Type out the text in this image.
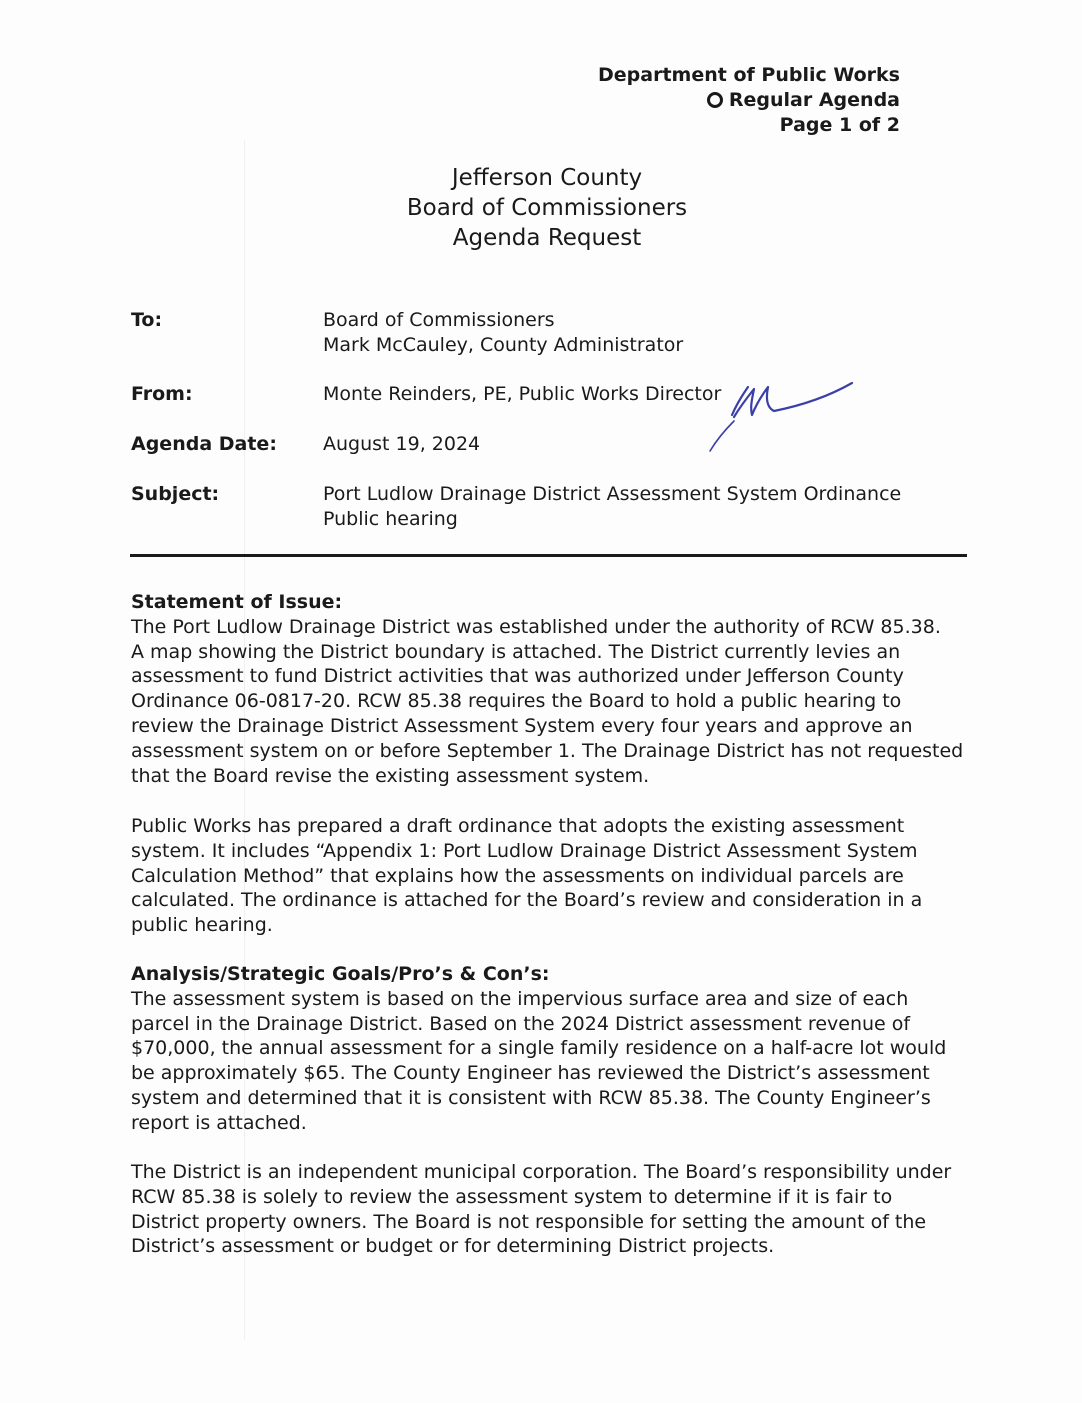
Department of Public Works
Regular Agenda
Page 1 of 2
Jefferson County
Board of Commissioners
Agenda Request
To:	Board of Commissioners
Mark McCauley, County Administrator
From:	Monte Reinders, PE, Public Works Director
Agenda Date: August 19, 2024
Subject:	Port Ludlow Drainage District Assessment System Ordinance
Public hearing
Statement of Issue:
The Port Ludlow Drainage District was established under the authority of RCW 85.38.
A map showing the District boundary is attached. The District currently levies an
assessment to fund District activities that was authorized under Jefferson County
Ordinance 06-0817-20. RCW 85.38 requires the Board to hold a public hearing to
review the Drainage District Assessment System every four years and approve an
assessment system on or before September 1. The Drainage District has not requested
that the Board revise the existing assessment system.
Public Works has prepared a draft ordinance that adopts the existing assessment
system. It includes “Appendix 1: Port Ludlow Drainage District Assessment System
Calculation Method” that explains how the assessments on individual parcels are
calculated. The ordinance is attached for the Board’s review and consideration in a
public hearing.
Analysis/Strategic Goals/Pro’s & Con’s:
The assessment system is based on the impervious surface area and size of each
parcel in the Drainage District. Based on the 2024 District assessment revenue of
$70,000, the annual assessment for a single family residence on a half-acre lot would
be approximately $65. The County Engineer has reviewed the District’s assessment
system and determined that it is consistent with RCW 85.38. The County Engineer’s
report is attached.
The District is an independent municipal corporation. The Board’s responsibility under
RCW 85.38 is solely to review the assessment system to determine if it is fair to
District property owners. The Board is not responsible for setting the amount of the
District’s assessment or budget or for determining District projects.
